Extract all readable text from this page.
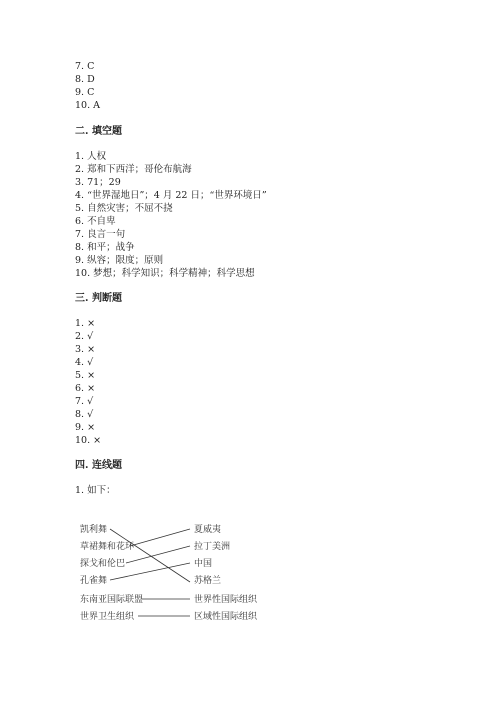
7. C
8. D
9. C
10. A
二. 填空题
1. 人权
2. 郑和下西洋；哥伦布航海
3. 71；29
4. “世界湿地日”；4 月 22 日；“世界环境日”
5. 自然灾害；不屈不挠
6. 不自卑
7. 良言一句
8. 和平；战争
9. 纵容；限度；原则
10. 梦想；科学知识；科学精神；科学思想
三. 判断题
1. ×
2. √
3. ×
4. √
5. ×
6. ×
7. √
8. √
9. ×
10. ×
四. 连线题
1. 如下：
凯利舞
草裙舞和花环
探戈和伦巴
孔雀舞
东南亚国际联盟
世界卫生组织
夏威夷
拉丁美洲
中国
苏格兰
世界性国际组织
区域性国际组织
